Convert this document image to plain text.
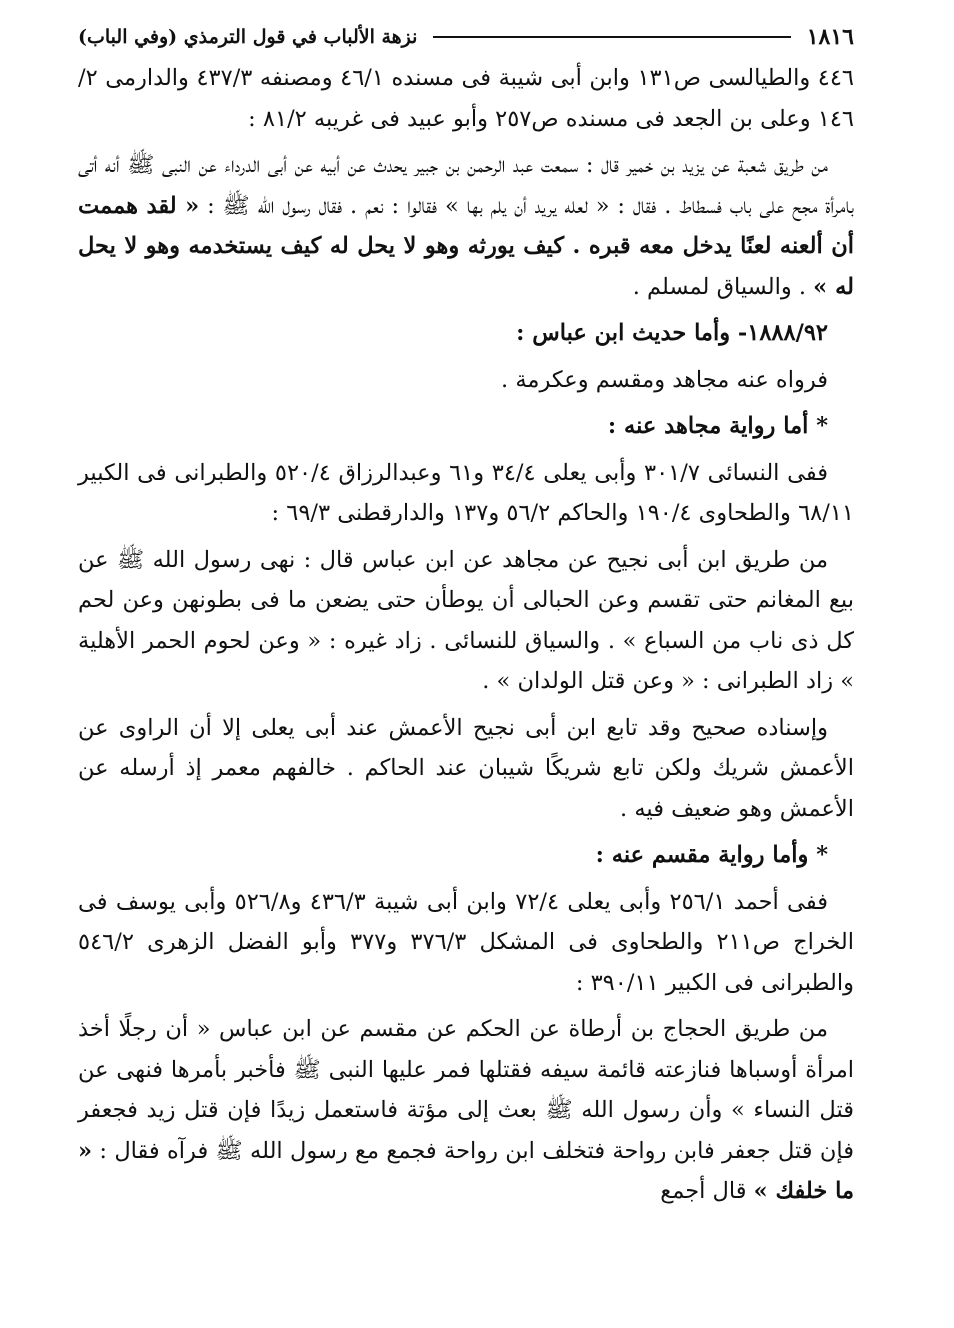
١٨١٦
نزهة الألباب في قول الترمذي (وفي الباب)

٤٤٦ والطيالسى ص١٣١ وابن أبى شيبة فى مسنده ٤٦/١ ومصنفه ٤٣٧/٣ والدارمى ٢/ ١٤٦ وعلى بن الجعد فى مسنده ص٢٥٧ وأبو عبيد فى غريبه ٨١/٢ :

من طريق شعبة عن يزيد بن خمير قال : سمعت عبد الرحمن بن جبير يحدث عن أبيه عن أبى الدرداء عن النبى ﷺ أنه أتى بامرأة مجح على باب فسطاط . فقال : « لعله يريد أن يلم بها » فقالوا : نعم . فقال رسول الله ﷺ : « لقد هممت أن ألعنه لعنًا يدخل معه قبره . كيف يورثه وهو لا يحل له كيف يستخدمه وهو لا يحل له » . والسياق لمسلم .

١٨٨٨/٩٢- وأما حديث ابن عباس :

فرواه عنه مجاهد ومقسم وعكرمة .

* أما رواية مجاهد عنه :

ففى النسائى ٣٠١/٧ وأبى يعلى ٣٤/٤ و٦١ وعبدالرزاق ٥٢٠/٤ والطبرانى فى الكبير ٦٨/١١ والطحاوى ١٩٠/٤ والحاكم ٥٦/٢ و١٣٧ والدارقطنى ٦٩/٣ :

من طريق ابن أبى نجيح عن مجاهد عن ابن عباس قال : نهى رسول الله ﷺ عن بيع المغانم حتى تقسم وعن الحبالى أن يوطأن حتى يضعن ما فى بطونهن وعن لحم كل ذى ناب من السباع » . والسياق للنسائى . زاد غيره : « وعن لحوم الحمر الأهلية » زاد الطبرانى : « وعن قتل الولدان » .

وإسناده صحيح وقد تابع ابن أبى نجيح الأعمش عند أبى يعلى إلا أن الراوى عن الأعمش شريك ولكن تابع شريكًا شيبان عند الحاكم . خالفهم معمر إذ أرسله عن الأعمش وهو ضعيف فيه .

* وأما رواية مقسم عنه :

ففى أحمد ٢٥٦/١ وأبى يعلى ٧٢/٤ وابن أبى شيبة ٤٣٦/٣ و٥٢٦/٨ وأبى يوسف فى الخراج ص٢١١ والطحاوى فى المشكل ٣٧٦/٣ و٣٧٧ وأبو الفضل الزهرى ٥٤٦/٢ والطبرانى فى الكبير ٣٩٠/١١ :

من طريق الحجاج بن أرطاة عن الحكم عن مقسم عن ابن عباس « أن رجلًا أخذ امرأة أوسباها فنازعته قائمة سيفه فقتلها فمر عليها النبى ﷺ فأخبر بأمرها فنهى عن قتل النساء » وأن رسول الله ﷺ بعث إلى مؤتة فاستعمل زيدًا فإن قتل زيد فجعفر فإن قتل جعفر فابن رواحة فتخلف ابن رواحة فجمع مع رسول الله ﷺ فرآه فقال : « ما خلفك » قال أجمع
